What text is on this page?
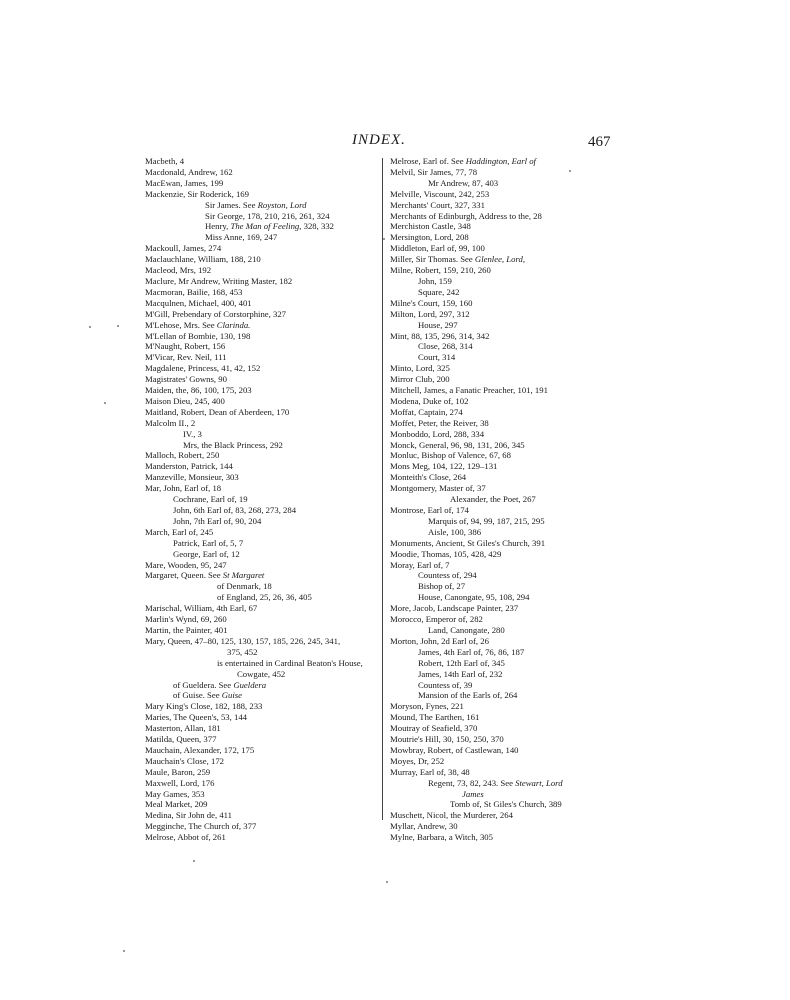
INDEX.	467
Macbeth, 4
Macdonald, Andrew, 162
MacEwan, James, 199
Mackenzie, Sir Roderick, 169
Sir James. See Royston, Lord
Sir George, 178, 210, 216, 261, 324
Henry, The Man of Feeling, 328, 332
Miss Anne, 169, 247
Mackoull, James, 274
Maclauchlane, William, 188, 210
Macleod, Mrs, 192
Maclure, Mr Andrew, Writing Master, 182
Macmoran, Bailie, 168, 453
Macqulnen, Michael, 400, 401
M'Gill, Prebendary of Corstorphine, 327
M'Lehose, Mrs. See Clarinda.
M'Lellan of Bombie, 130, 198
M'Naught, Robert, 156
M'Vicar, Rev. Neil, 111
Magdalene, Princess, 41, 42, 152
Magistrates' Gowns, 90
Maiden, the, 86, 100, 175, 203
Maison Dieu, 245, 400
Maitland, Robert, Dean of Aberdeen, 170
Malcolm II., 2
IV., 3
Mrs, the Black Princess, 292
Malloch, Robert, 250
Manderston, Patrick, 144
Manzeville, Monsieur, 303
Mar, John, Earl of, 18
Cochrane, Earl of, 19
John, 6th Earl of, 83, 268, 273, 284
John, 7th Earl of, 90, 204
March, Earl of, 245
Patrick, Earl of, 5, 7
George, Earl of, 12
Mare, Wooden, 95, 247
Margaret, Queen. See St Margaret
of Denmark, 18
of England, 25, 26, 36, 405
Marischal, William, 4th Earl, 67
Marlin's Wynd, 69, 260
Martin, the Painter, 401
Mary, Queen, 47–80, 125, 130, 157, 185, 226, 245, 341,
375, 452
is entertained in Cardinal Beaton's House,
Cowgate, 452
of Gueldera. See Gueldera
of Guise. See Guise
Mary King's Close, 182, 188, 233
Maries, The Queen's, 53, 144
Masterton, Allan, 181
Matilda, Queen, 377
Mauchain, Alexander, 172, 175
Mauchain's Close, 172
Maule, Baron, 259
Maxwell, Lord, 176
May Games, 353
Meal Market, 209
Medina, Sir John de, 411
Megginche, The Church of, 377
Melrose, Abbot of, 261
Melrose, Earl of. See Haddington, Earl of
Melvil, Sir James, 77, 78
Mr Andrew, 87, 403
Melville, Viscount, 242, 253
Merchants' Court, 327, 331
Merchants of Edinburgh, Address to the, 28
Merchiston Castle, 348
Mersington, Lord, 208
Middleton, Earl of, 99, 100
Miller, Sir Thomas. See Glenlee, Lord,
Milne, Robert, 159, 210, 260
John, 159
Square, 242
Milne's Court, 159, 160
Milton, Lord, 297, 312
House, 297
Mint, 88, 135, 296, 314, 342
Close, 268, 314
Court, 314
Minto, Lord, 325
Mirror Club, 200
Mitchell, James, a Fanatic Preacher, 101, 191
Modena, Duke of, 102
Moffat, Captain, 274
Moffet, Peter, the Reiver, 38
Monboddo, Lord, 288, 334
Monck, General, 96, 98, 131, 206, 345
Monluc, Bishop of Valence, 67, 68
Mons Meg, 104, 122, 129–131
Monteith's Close, 264
Montgomery, Master of, 37
Alexander, the Poet, 267
Montrose, Earl of, 174
Marquis of, 94, 99, 187, 215, 295
Aisle, 100, 386
Monuments, Ancient, St Giles's Church, 391
Moodie, Thomas, 105, 428, 429
Moray, Earl of, 7
Countess of, 294
Bishop of, 27
House, Canongate, 95, 108, 294
More, Jacob, Landscape Painter, 237
Morocco, Emperor of, 282
Land, Canongate, 280
Morton, John, 2d Earl of, 26
James, 4th Earl of, 76, 86, 187
Robert, 12th Earl of, 345
James, 14th Earl of, 232
Countess of, 39
Mansion of the Earls of, 264
Moryson, Fynes, 221
Mound, The Earthen, 161
Moutray of Seafield, 370
Moutrie's Hill, 30, 150, 250, 370
Mowbray, Robert, of Castlewan, 140
Moyes, Dr, 252
Murray, Earl of, 38, 48
Regent, 73, 82, 243. See Stewart, Lord
James
Tomb of, St Giles's Church, 389
Muschett, Nicol, the Murderer, 264
Myllar, Andrew, 30
Mylne, Barbara, a Witch, 305
